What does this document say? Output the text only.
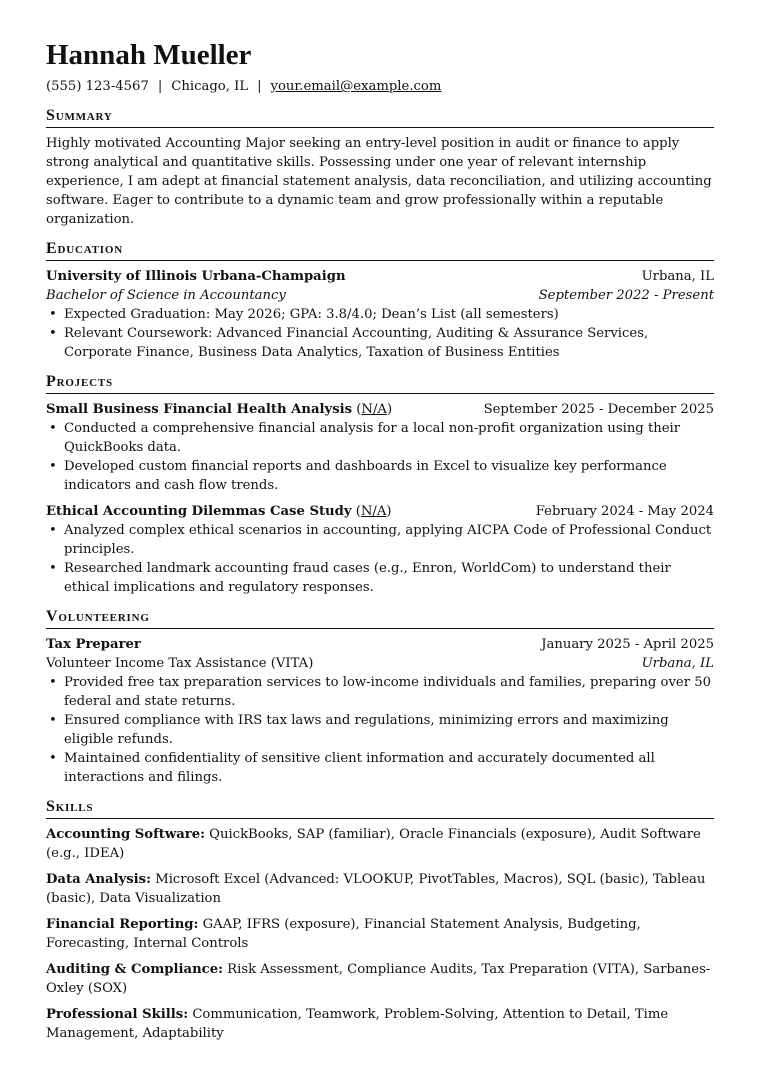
Hannah Mueller
(555) 123-4567 | Chicago, IL | your.email@example.com
Summary

Highly motivated Accounting Major seeking an entry-level position in audit or finance to apply strong analytical and quantitative skills. Possessing under one year of relevant internship experience, I am adept at financial statement analysis, data reconciliation, and utilizing accounting software. Eager to contribute to a dynamic team and grow professionally within a reputable organization.

Education
University of Illinois Urbana-Champaign	Urbana, IL
Bachelor of Science in Accountancy	September 2022 - Present
• Expected Graduation: May 2026; GPA: 3.8/4.0; Dean’s List (all semesters)
• Relevant Coursework: Advanced Financial Accounting, Auditing & Assurance Services, Corporate Finance, Business Data Analytics, Taxation of Business Entities
Projects
Small Business Financial Health Analysis (N/A)	September 2025 - December 2025
• Conducted a comprehensive financial analysis for a local non-profit organization using their QuickBooks data.
• Developed custom financial reports and dashboards in Excel to visualize key performance indicators and cash flow trends.
Ethical Accounting Dilemmas Case Study (N/A)	February 2024 - May 2024
• Analyzed complex ethical scenarios in accounting, applying AICPA Code of Professional Conduct principles.
• Researched landmark accounting fraud cases (e.g., Enron, WorldCom) to understand their ethical implications and regulatory responses.
Volunteering
Tax Preparer	January 2025 - April 2025
Volunteer Income Tax Assistance (VITA)	Urbana, IL
• Provided free tax preparation services to low-income individuals and families, preparing over 50 federal and state returns.
• Ensured compliance with IRS tax laws and regulations, minimizing errors and maximizing eligible refunds.
• Maintained confidentiality of sensitive client information and accurately documented all interactions and filings.
Skills
Accounting Software: QuickBooks, SAP (familiar), Oracle Financials (exposure), Audit Software (e.g., IDEA)
Data Analysis: Microsoft Excel (Advanced: VLOOKUP, PivotTables, Macros), SQL (basic), Tableau (basic), Data Visualization
Financial Reporting: GAAP, IFRS (exposure), Financial Statement Analysis, Budgeting, Forecasting, Internal Controls
Auditing & Compliance: Risk Assessment, Compliance Audits, Tax Preparation (VITA), Sarbanes-Oxley (SOX)
Professional Skills: Communication, Teamwork, Problem-Solving, Attention to Detail, Time Management, Adaptability
